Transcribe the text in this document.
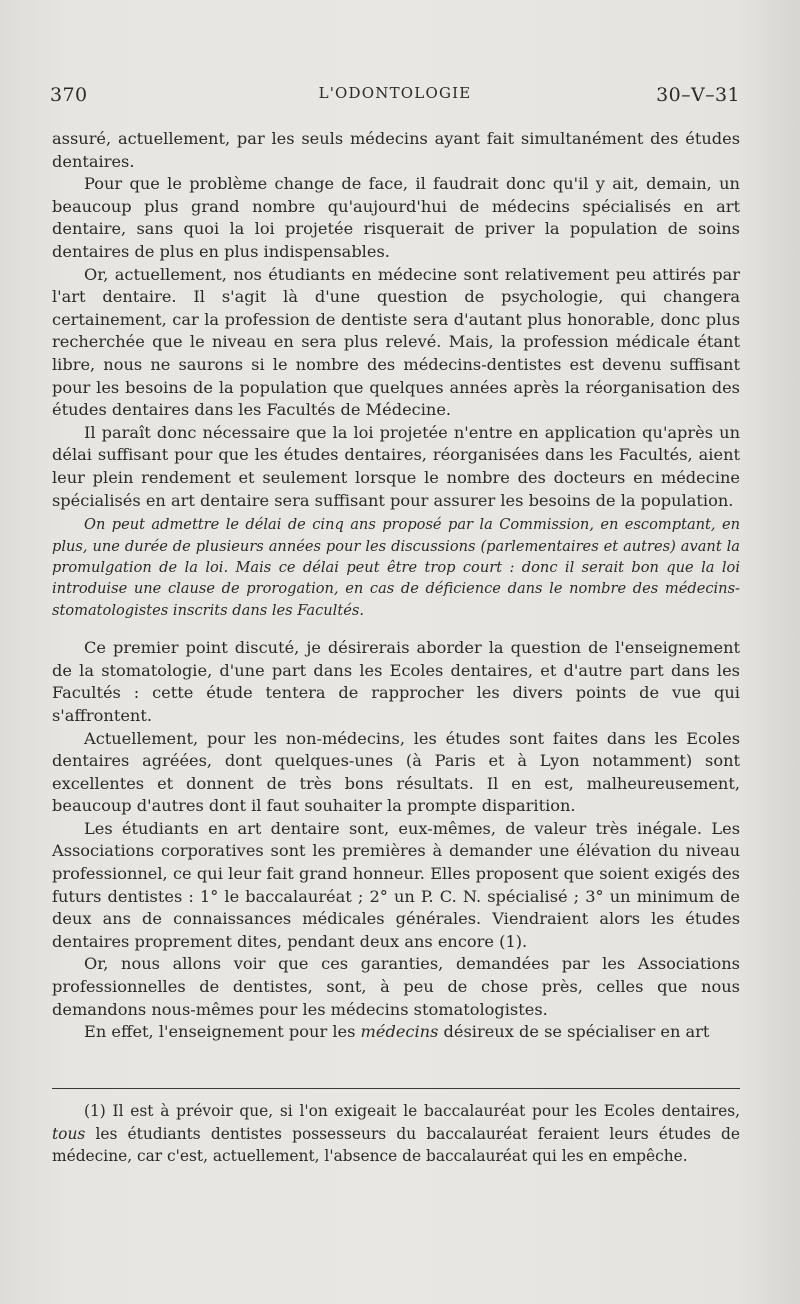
370	L'ODONTOLOGIE	30–V–31

assuré, actuellement, par les seuls médecins ayant fait simultanément des études dentaires.

Pour que le problème change de face, il faudrait donc qu'il y ait, demain, un beaucoup plus grand nombre qu'aujourd'hui de médecins spécialisés en art dentaire, sans quoi la loi projetée risquerait de priver la population de soins dentaires de plus en plus indispensables.

Or, actuellement, nos étudiants en médecine sont relativement peu attirés par l'art dentaire. Il s'agit là d'une question de psychologie, qui changera certainement, car la profession de dentiste sera d'autant plus honorable, donc plus recherchée que le niveau en sera plus relevé. Mais, la profession médicale étant libre, nous ne saurons si le nombre des médecins-dentistes est devenu suffisant pour les besoins de la population que quelques années après la réorganisation des études dentaires dans les Facultés de Médecine.

Il paraît donc nécessaire que la loi projetée n'entre en application qu'après un délai suffisant pour que les études dentaires, réorganisées dans les Facultés, aient leur plein rendement et seulement lorsque le nombre des docteurs en médecine spécialisés en art dentaire sera suffisant pour assurer les besoins de la population.

On peut admettre le délai de cinq ans proposé par la Commission, en escomptant, en plus, une durée de plusieurs années pour les discussions (parlementaires et autres) avant la promulgation de la loi. Mais ce délai peut être trop court : donc il serait bon que la loi introduise une clause de prorogation, en cas de déficience dans le nombre des médecins-stomatologistes inscrits dans les Facultés.

Ce premier point discuté, je désirerais aborder la question de l'enseignement de la stomatologie, d'une part dans les Ecoles dentaires, et d'autre part dans les Facultés : cette étude tentera de rapprocher les divers points de vue qui s'affrontent.

Actuellement, pour les non-médecins, les études sont faites dans les Ecoles dentaires agréées, dont quelques-unes (à Paris et à Lyon notamment) sont excellentes et donnent de très bons résultats. Il en est, malheureusement, beaucoup d'autres dont il faut souhaiter la prompte disparition.

Les étudiants en art dentaire sont, eux-mêmes, de valeur très inégale. Les Associations corporatives sont les premières à demander une élévation du niveau professionnel, ce qui leur fait grand honneur. Elles proposent que soient exigés des futurs dentistes : 1° le baccalauréat ; 2° un P. C. N. spécialisé ; 3° un minimum de deux ans de connaissances médicales générales. Viendraient alors les études dentaires proprement dites, pendant deux ans encore (1).

Or, nous allons voir que ces garanties, demandées par les Associations professionnelles de dentistes, sont, à peu de chose près, celles que nous demandons nous-mêmes pour les médecins stomatologistes.

En effet, l'enseignement pour les médecins désireux de se spécialiser en art

(1) Il est à prévoir que, si l'on exigeait le baccalauréat pour les Ecoles dentaires, tous les étudiants dentistes possesseurs du baccalauréat feraient leurs études de médecine, car c'est, actuellement, l'absence de baccalauréat qui les en empêche.
